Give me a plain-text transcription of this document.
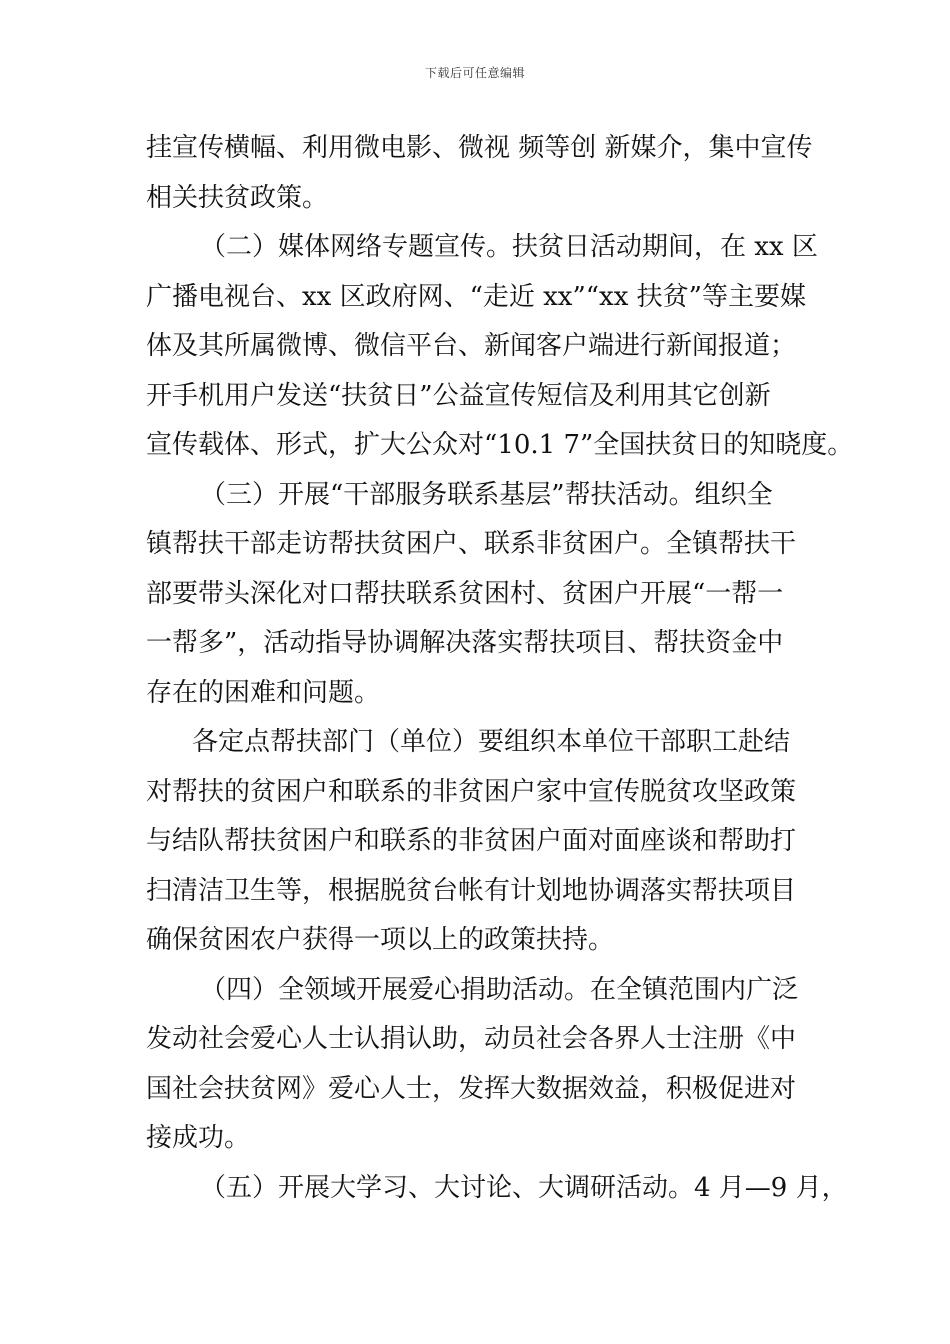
下载后可任意编辑
挂宣传横幅、利用微电影、微视 频等创 新媒介，集中宣传
相关扶贫政策。
（二）媒体网络专题宣传。扶贫日活动期间，在 xx 区
广播电视台、xx 区政府网、“走近 xx”“xx 扶贫”等主要媒
体及其所属微博、微信平台、新闻客户端进行新闻报道；
开手机用户发送“扶贫日”公益宣传短信及利用其它创新
宣传载体、形式，扩大公众对“10.1 7”全国扶贫日的知晓度。
（三）开展“干部服务联系基层”帮扶活动。组织全
镇帮扶干部走访帮扶贫困户、联系非贫困户。全镇帮扶干
部要带头深化对口帮扶联系贫困村、贫困户开展“一帮一
一帮多”，活动指导协调解决落实帮扶项目、帮扶资金中
存在的困难和问题。
各定点帮扶部门（单位）要组织本单位干部职工赴结
对帮扶的贫困户和联系的非贫困户家中宣传脱贫攻坚政策
与结队帮扶贫困户和联系的非贫困户面对面座谈和帮助打
扫清洁卫生等，根据脱贫台帐有计划地协调落实帮扶项目
确保贫困农户获得一项以上的政策扶持。
（四）全领域开展爱心捐助活动。在全镇范围内广泛
发动社会爱心人士认捐认助，动员社会各界人士注册《中
国社会扶贫网》爱心人士，发挥大数据效益，积极促进对
接成功。
（五）开展大学习、大讨论、大调研活动。4 月—9 月，
